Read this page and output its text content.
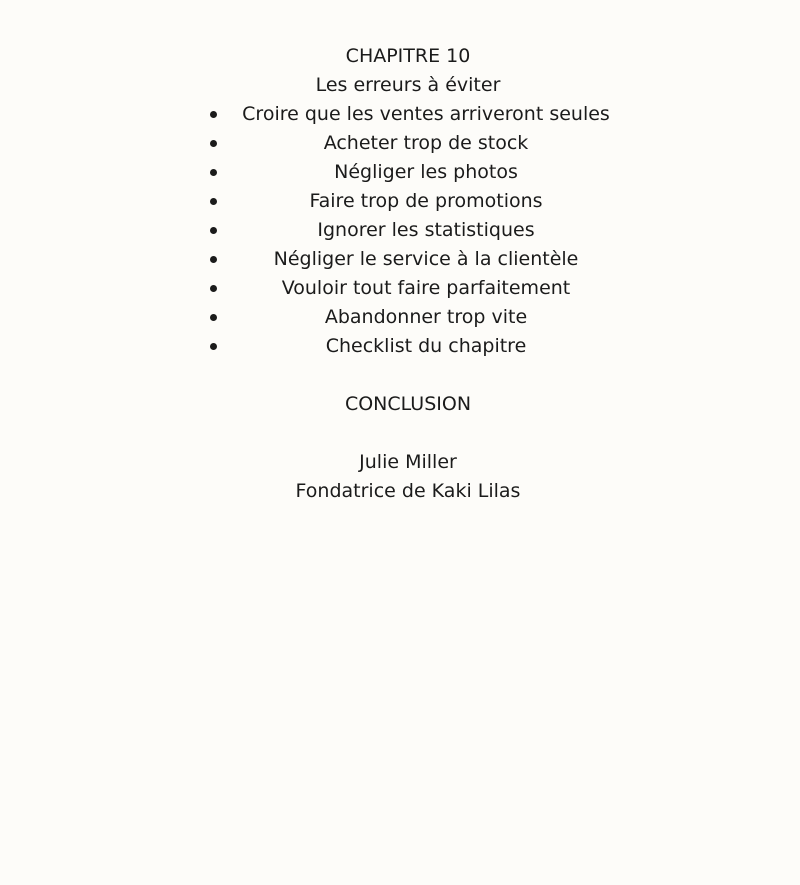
CHAPITRE 10
Les erreurs à éviter
Croire que les ventes arriveront seules
Acheter trop de stock
Négliger les photos
Faire trop de promotions
Ignorer les statistiques
Négliger le service à la clientèle
Vouloir tout faire parfaitement
Abandonner trop vite
Checklist du chapitre
CONCLUSION
Julie Miller
Fondatrice de Kaki Lilas
